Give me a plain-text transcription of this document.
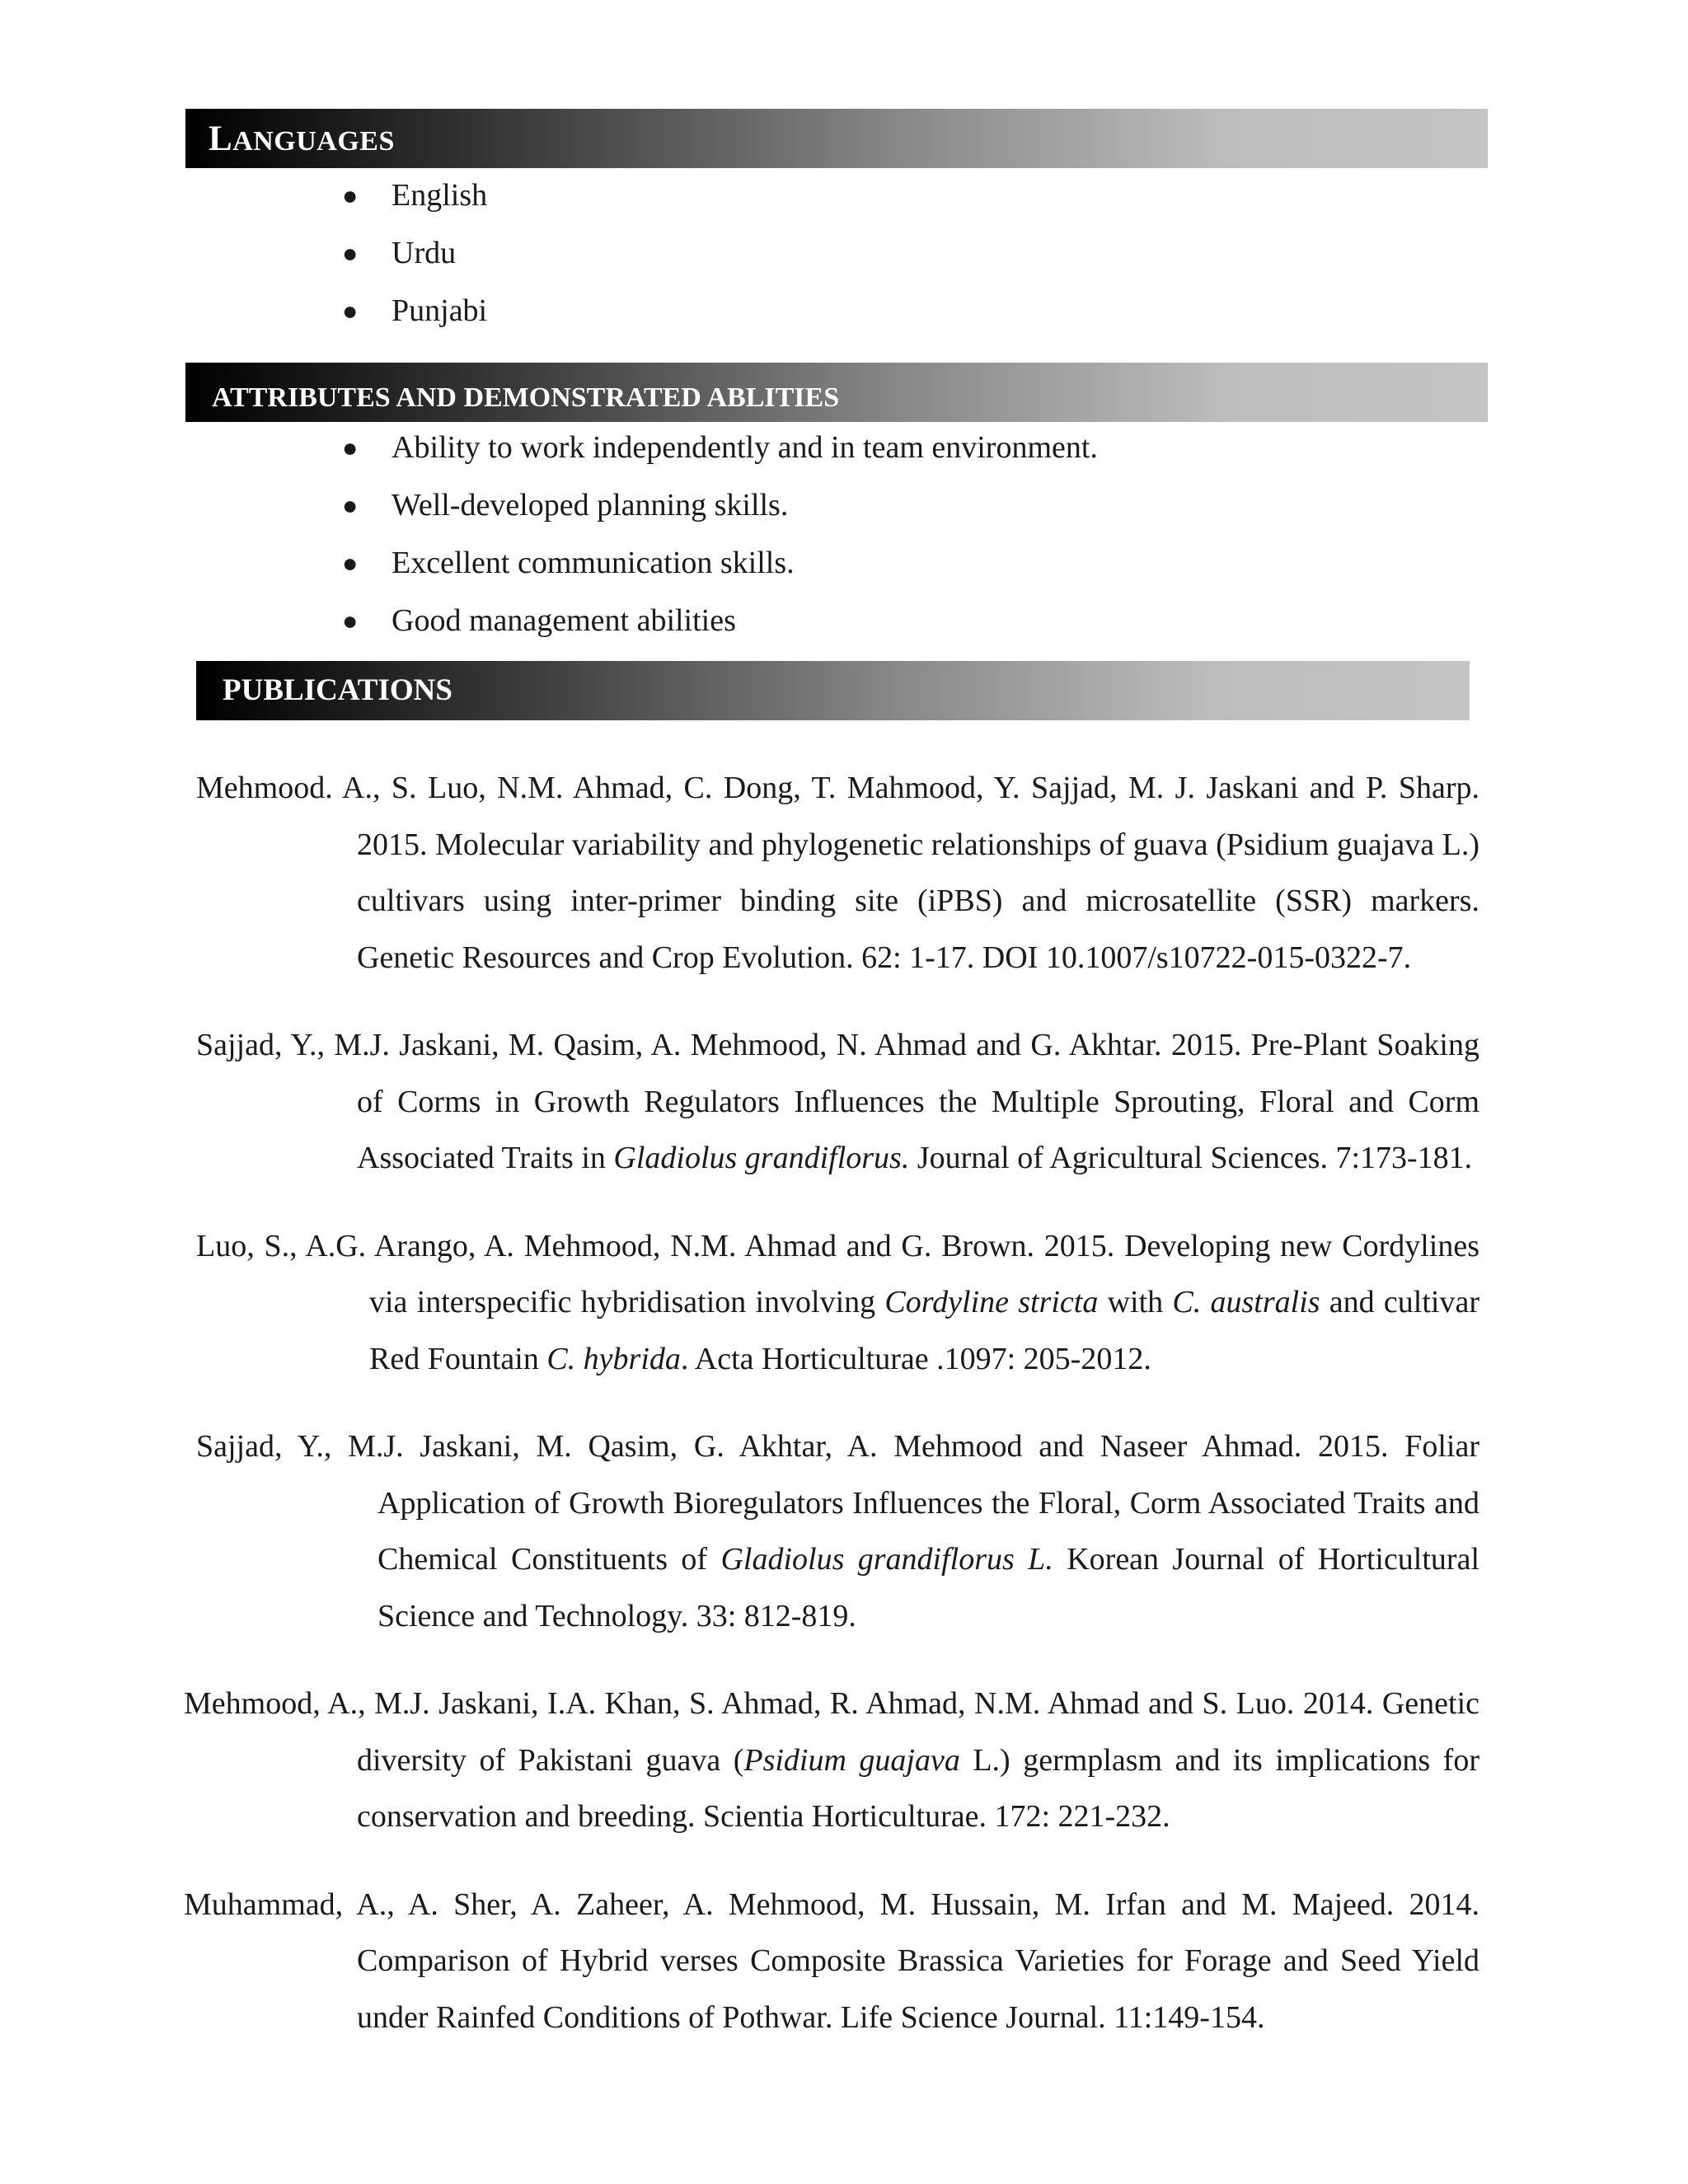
LANGUAGES
● English
● Urdu
● Punjabi
ATTRIBUTES AND DEMONSTRATED ABLITIES
● Ability to work independently and in team environment.
● Well-developed planning skills.
● Excellent communication skills.
● Good management abilities
PUBLICATIONS

Mehmood. A., S. Luo, N.M. Ahmad, C. Dong, T. Mahmood, Y. Sajjad, M. J. Jaskani and P. Sharp. 2015. Molecular variability and phylogenetic relationships of guava (Psidium guajava L.) cultivars using inter-primer binding site (iPBS) and microsatellite (SSR) markers. Genetic Resources and Crop Evolution. 62: 1-17. DOI 10.1007/s10722-015-0322-7.

Sajjad, Y., M.J. Jaskani, M. Qasim, A. Mehmood, N. Ahmad and G. Akhtar. 2015. Pre-Plant Soaking of Corms in Growth Regulators Influences the Multiple Sprouting, Floral and Corm Associated Traits in Gladiolus grandiflorus. Journal of Agricultural Sciences. 7:173-181.

Luo, S., A.G. Arango, A. Mehmood, N.M. Ahmad and G. Brown. 2015. Developing new Cordylines via interspecific hybridisation involving Cordyline stricta with C. australis and cultivar Red Fountain C. hybrida. Acta Horticulturae .1097: 205-2012.

Sajjad, Y., M.J. Jaskani, M. Qasim, G. Akhtar, A. Mehmood and Naseer Ahmad. 2015. Foliar Application of Growth Bioregulators Influences the Floral, Corm Associated Traits and Chemical Constituents of Gladiolus grandiflorus L. Korean Journal of Horticultural Science and Technology. 33: 812-819.

Mehmood, A., M.J. Jaskani, I.A. Khan, S. Ahmad, R. Ahmad, N.M. Ahmad and S. Luo. 2014. Genetic diversity of Pakistani guava (Psidium guajava L.) germplasm and its implications for conservation and breeding. Scientia Horticulturae. 172: 221-232.

Muhammad, A., A. Sher, A. Zaheer, A. Mehmood, M. Hussain, M. Irfan and M. Majeed. 2014. Comparison of Hybrid verses Composite Brassica Varieties for Forage and Seed Yield under Rainfed Conditions of Pothwar. Life Science Journal. 11:149-154.
